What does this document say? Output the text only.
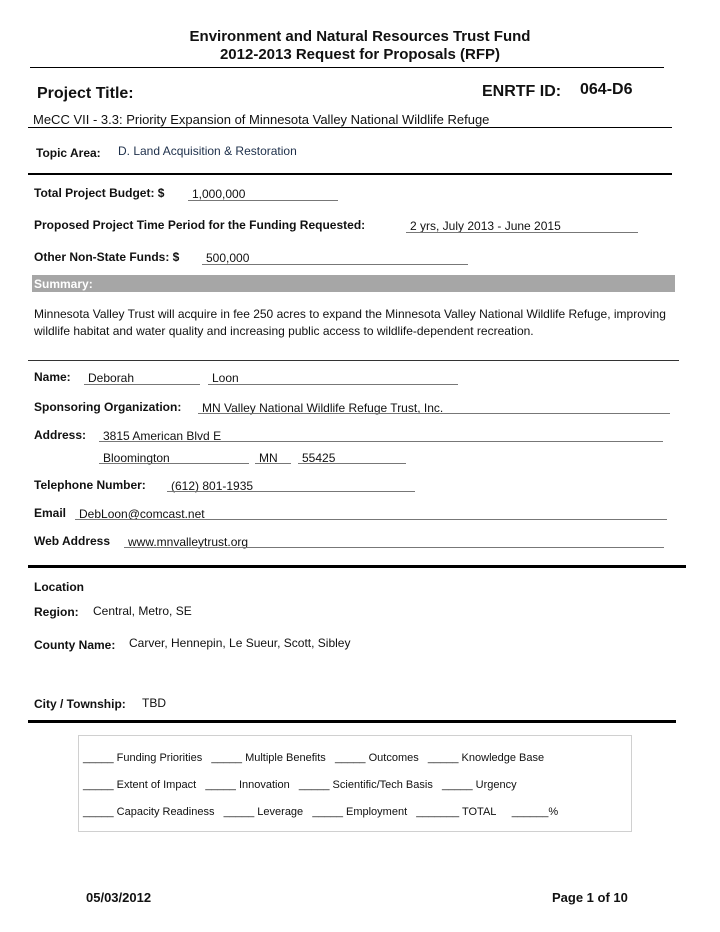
Environment and Natural Resources Trust Fund
2012-2013 Request for Proposals (RFP)
Project Title:	ENRTF ID: 064-D6
MeCC VII - 3.3: Priority Expansion of Minnesota Valley National Wildlife Refuge
Topic Area: D. Land Acquisition & Restoration
Total Project Budget: $ 1,000,000
Proposed Project Time Period for the Funding Requested:	2 yrs, July 2013 - June 2015
Other Non-State Funds: $ 500,000
Summary:
Minnesota Valley Trust will acquire in fee 250 acres to expand the Minnesota Valley National Wildlife Refuge, improving wildlife habitat and water quality and increasing public access to wildlife-dependent recreation.
Name: Deborah	Loon
Sponsoring Organization: MN Valley National Wildlife Refuge Trust, Inc.
Address: 3815 American Blvd E
Bloomington	MN 55425
Telephone Number: (612) 801-1935
Email DebLoon@comcast.net
Web Address www.mnvalleytrust.org
Location
Region: Central, Metro, SE
County Name: Carver, Hennepin, Le Sueur, Scott, Sibley
City / Township: TBD
_____ Funding Priorities _____ Multiple Benefits _____ Outcomes _____ Knowledge Base
_____ Extent of Impact _____ Innovation _____ Scientific/Tech Basis _____ Urgency
_____ Capacity Readiness _____ Leverage _____ Employment _______ TOTAL ______%
05/03/2012	Page 1 of 10
